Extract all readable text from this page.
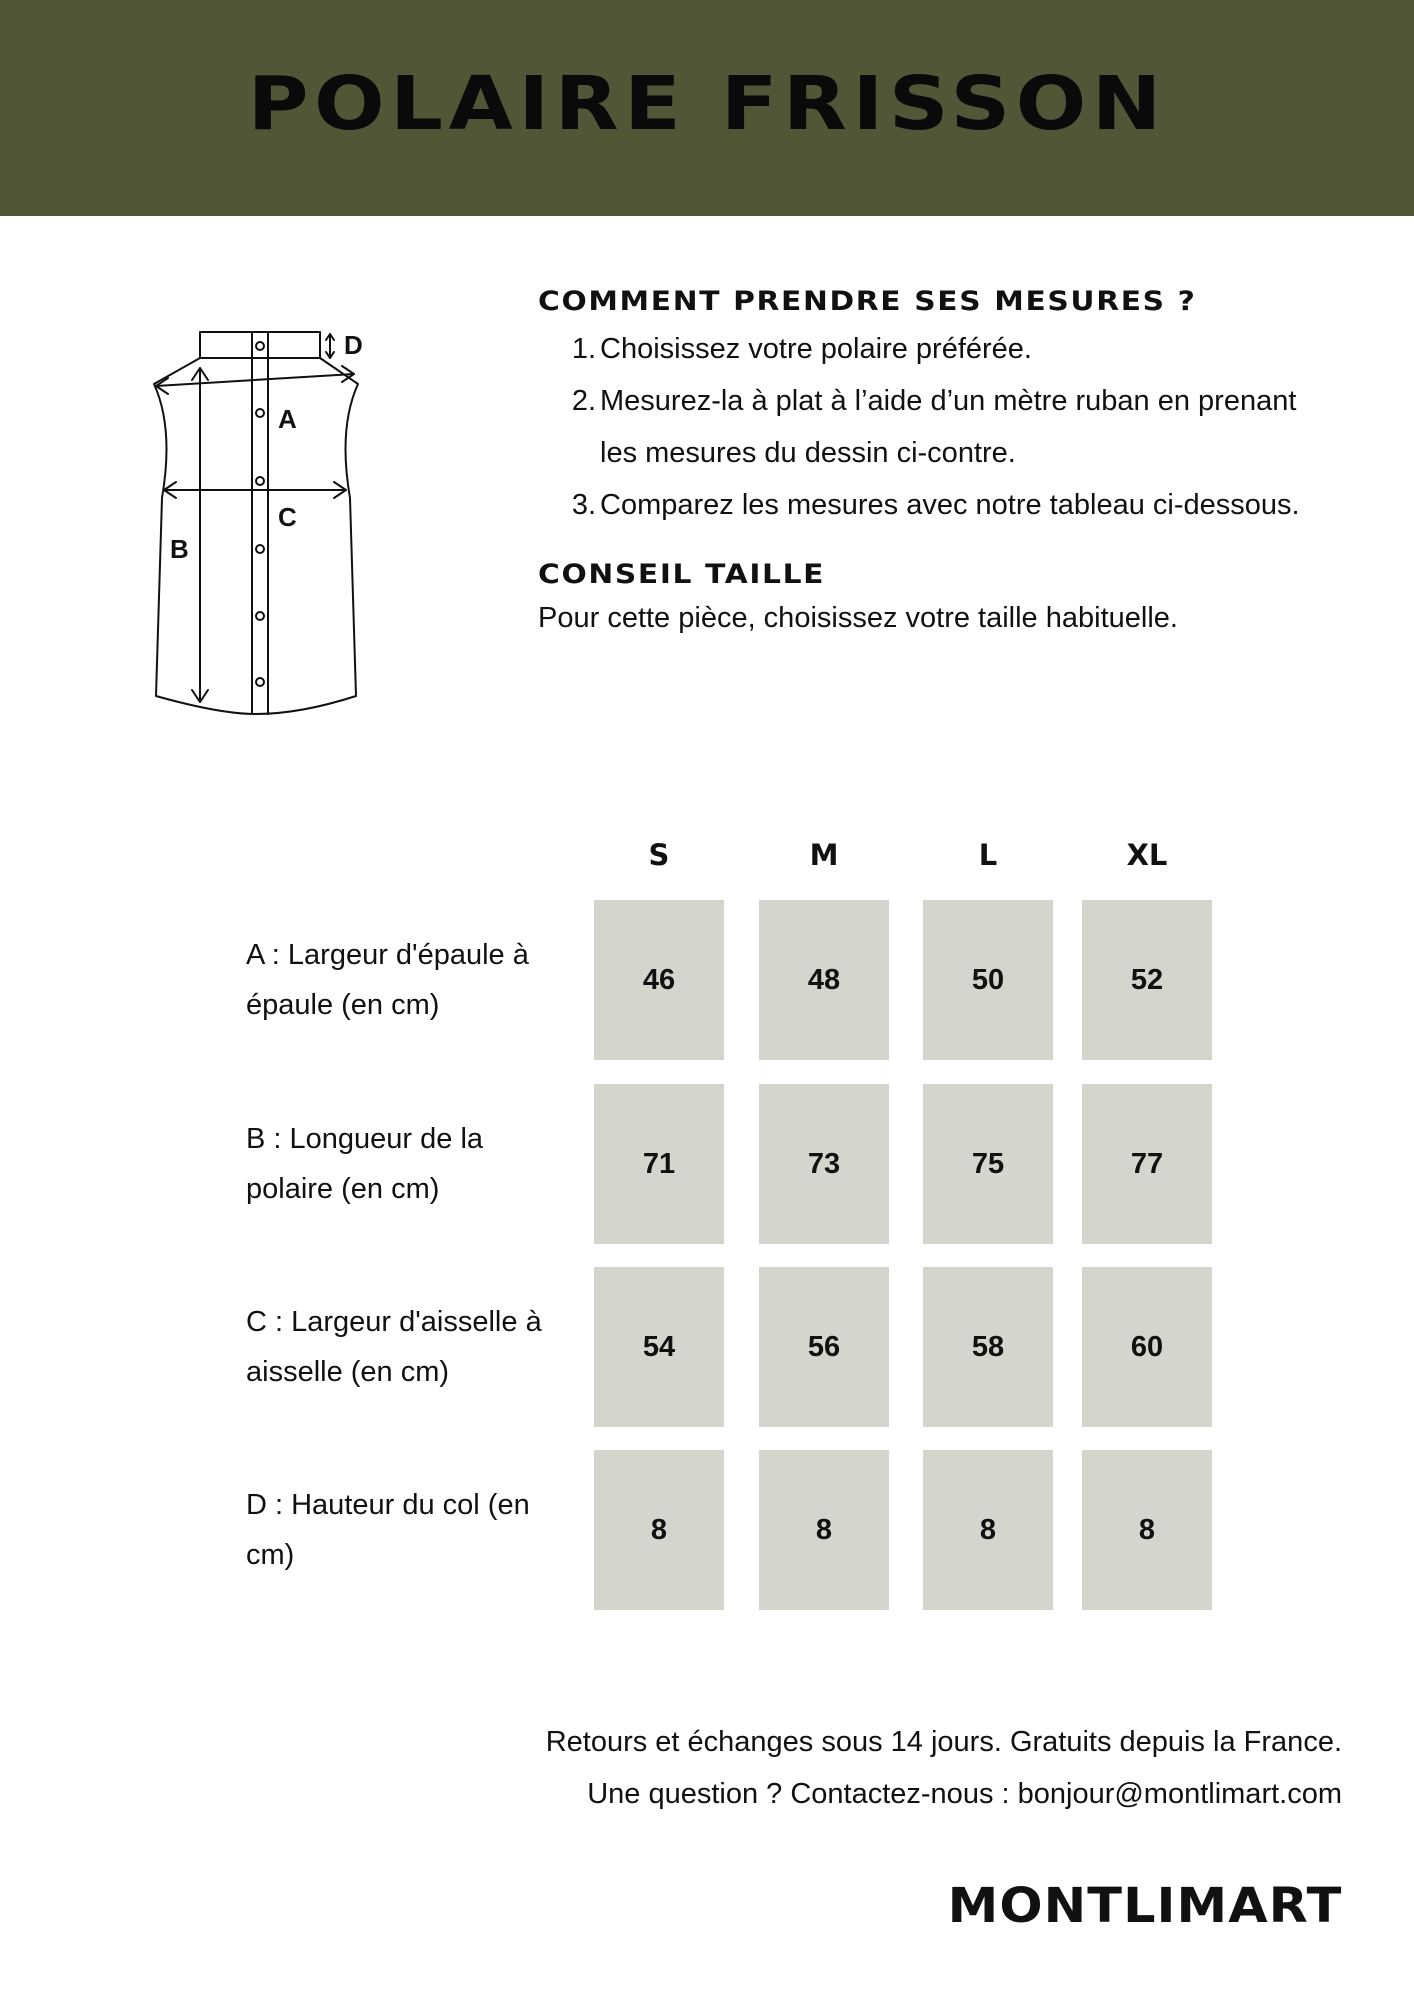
POLAIRE FRISSON
D
A
C
B
COMMENT PRENDRE SES MESURES ?
1. Choisissez votre polaire préférée.
2. Mesurez-la à plat à l’aide d’un mètre ruban en prenant les mesures du dessin ci-contre.
3. Comparez les mesures avec notre tableau ci-dessous.
CONSEIL TAILLE

Pour cette pièce, choisissez votre taille habituelle.

S	M	L	XL
A : Largeur d'épaule à épaule (en cm)
46	48	50	52
B : Longueur de la polaire (en cm)
71	73	75	77
C : Largeur d'aisselle à aisselle (en cm)
54	56	58	60
D : Hauteur du col (en cm)
8	8	8	8
Retours et échanges sous 14 jours. Gratuits depuis la France.
Une question ? Contactez-nous : bonjour@montlimart.com
MONTLIMART
